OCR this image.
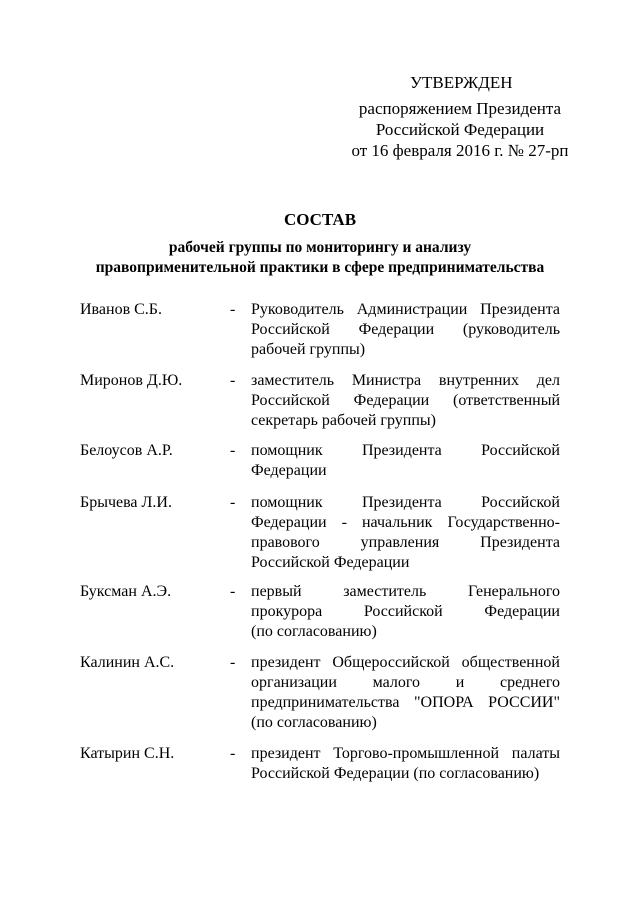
УТВЕРЖДЕН
распоряжением Президента
Российской Федерации
от 16 февраля 2016 г. № 27-рп
СОСТАВ
рабочей группы по мониторингу и анализу
правоприменительной практики в сфере предпринимательства
Иванов С.Б.	- Руководитель Администрации Президента
Российской Федерации (руководитель
рабочей группы)
Миронов Д.Ю.	- заместитель Министра внутренних дел
Российской Федерации (ответственный
секретарь рабочей группы)
Белоусов А.Р.	- помощник Президента Российской
Федерации
Брычева Л.И.	- помощник Президента Российской
Федерации - начальник Государственно-
правового	управления	Президента
Российской Федерации
Буксман А.Э.	- первый	заместитель	Генерального
прокурора	Российской	Федерации
(по согласованию)
Калинин А.С.	- президент Общероссийской общественной
организации малого и среднего
предпринимательства "ОПОРА РОССИИ"
(по согласованию)
Катырин С.Н.	- президент Торгово-промышленной палаты
Российской Федерации (по согласованию)
